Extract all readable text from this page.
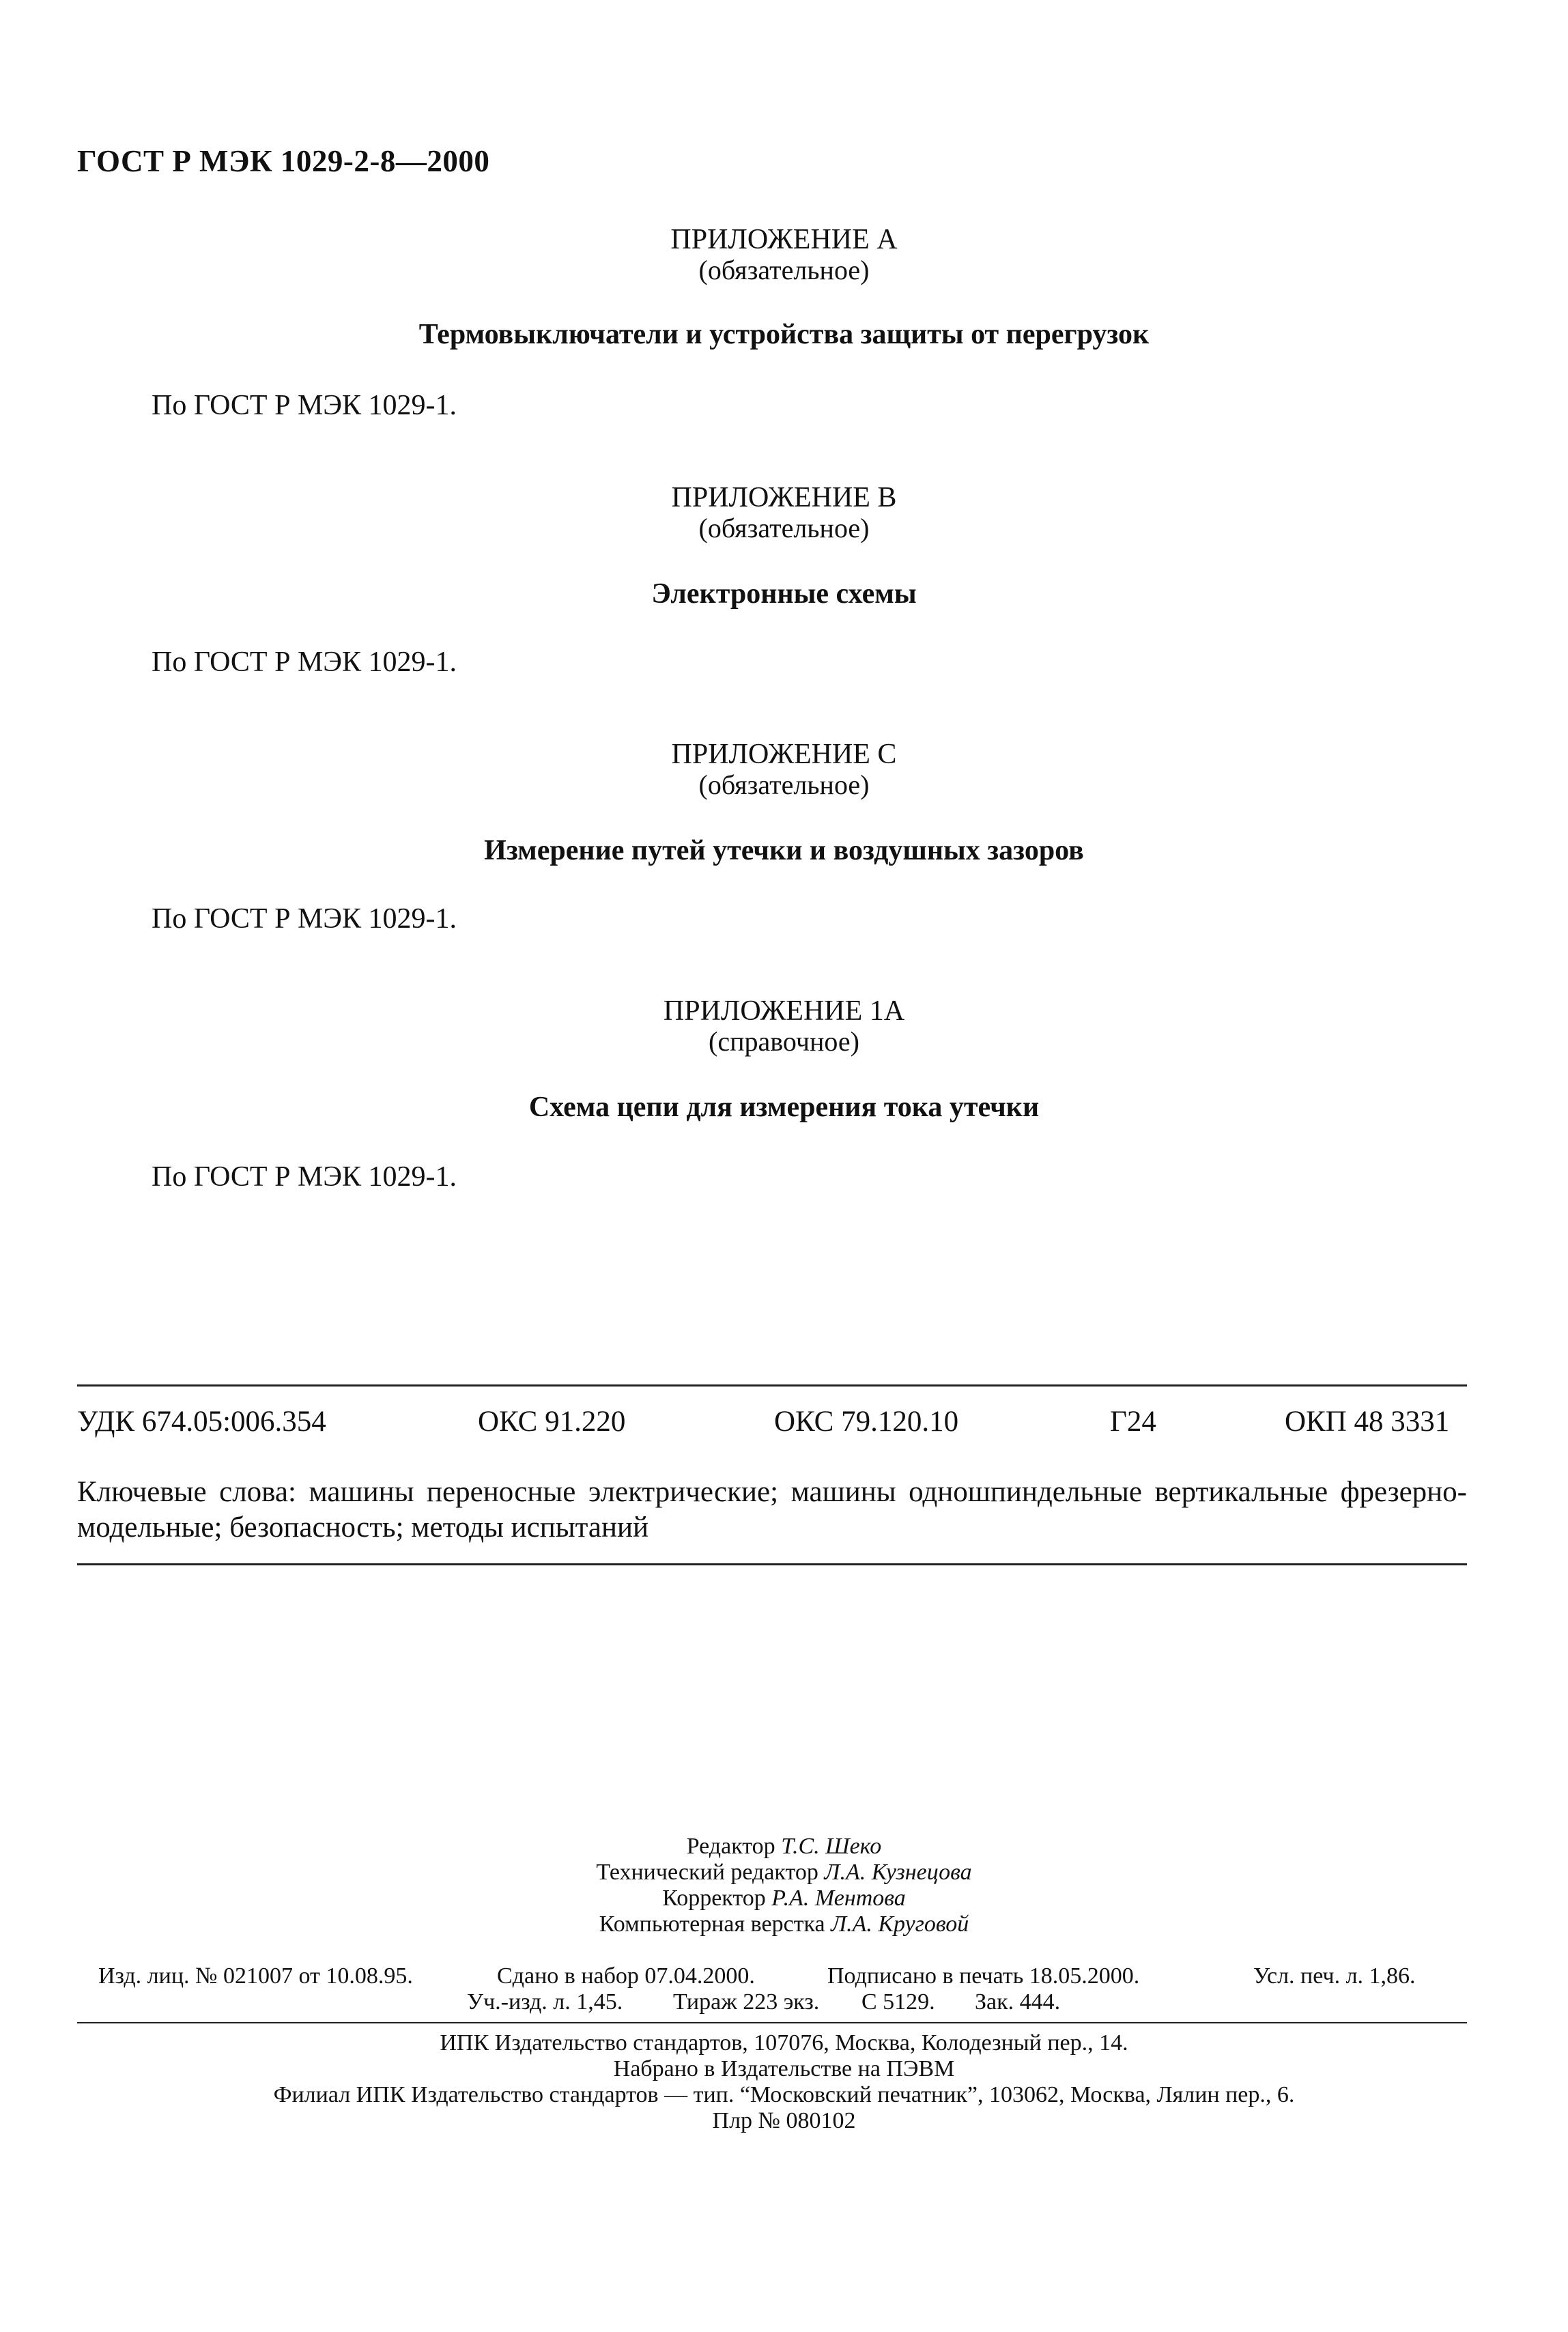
ГОСТ Р МЭК 1029-2-8—2000
ПРИЛОЖЕНИЕ А
(обязательное)
Термовыключатели и устройства защиты от перегрузок
По ГОСТ Р МЭК 1029-1.
ПРИЛОЖЕНИЕ В
(обязательное)
Электронные схемы
По ГОСТ Р МЭК 1029-1.
ПРИЛОЖЕНИЕ С
(обязательное)
Измерение путей утечки и воздушных зазоров
По ГОСТ Р МЭК 1029-1.
ПРИЛОЖЕНИЕ 1А
(справочное)
Схема цепи для измерения тока утечки
По ГОСТ Р МЭК 1029-1.
УДК 674.05:006.354	ОКС 91.220	ОКС 79.120.10	Г24	ОКП 48 3331
Ключевые слова: машины переносные электрические; машины одношпиндельные вертикальные фрезерно-модельные; безопасность; методы испытаний
Редактор Т.С. Шеко
Технический редактор Л.А. Кузнецова
Корректор Р.А. Ментова
Компьютерная верстка Л.А. Круговой
Изд. лиц. № 021007 от 10.08.95.	Сдано в набор 07.04.2000.	Подписано в печать 18.05.2000.	Усл. печ. л. 1,86.
Уч.-изд. л. 1,45. Тираж 223 экз. С 5129. Зак. 444.
ИПК Издательство стандартов, 107076, Москва, Колодезный пер., 14.
Набрано в Издательстве на ПЭВМ
Филиал ИПК Издательство стандартов — тип. “Московский печатник”, 103062, Москва, Лялин пер., 6.
Плр № 080102
